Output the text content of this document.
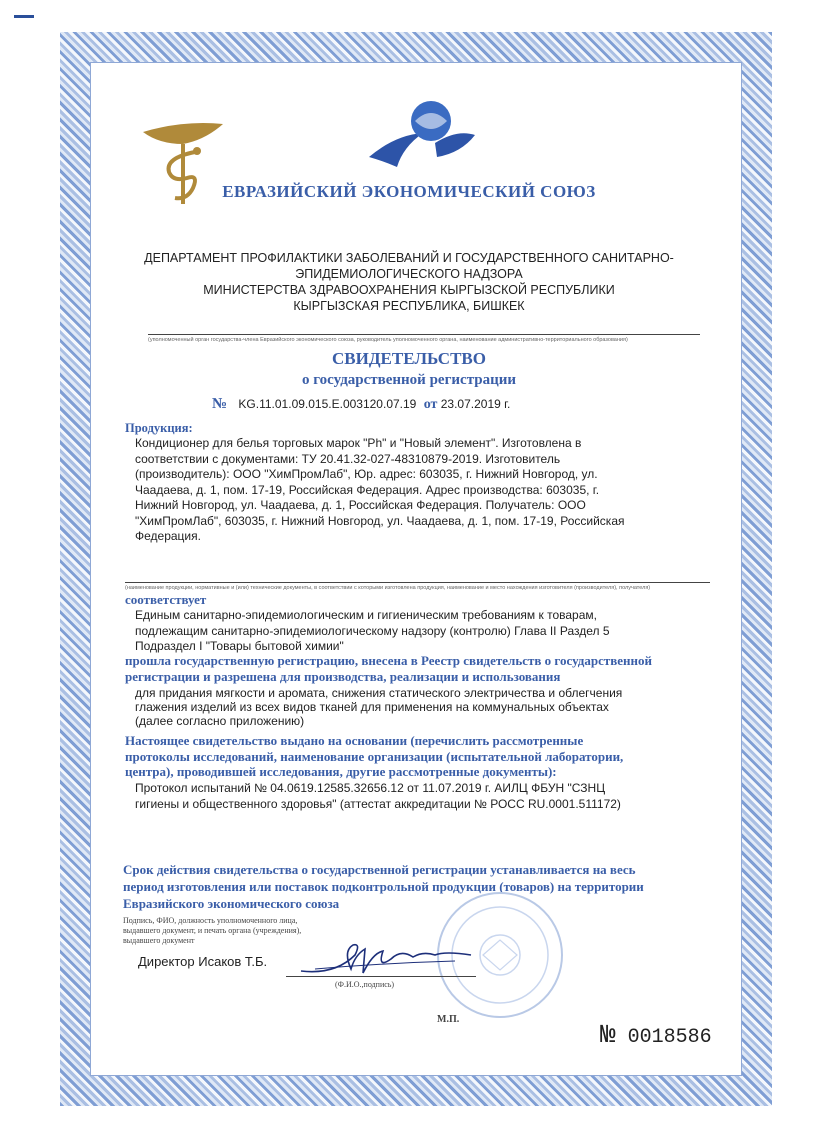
ЕВРАЗИЙСКИЙ ЭКОНОМИЧЕСКИЙ СОЮЗ
ДЕПАРТАМЕНТ ПРОФИЛАКТИКИ ЗАБОЛЕВАНИЙ И ГОСУДАРСТВЕННОГО САНИТАРНО-
ЭПИДЕМИОЛОГИЧЕСКОГО НАДЗОРА
МИНИСТЕРСТВА ЗДРАВООХРАНЕНИЯ КЫРГЫЗСКОЙ РЕСПУБЛИКИ
КЫРГЫЗСКАЯ РЕСПУБЛИКА, БИШКЕК
(уполномоченный орган государства-члена Евразийского экономического союза, руководитель уполномоченного органа, наименование административно-территориального образования)
СВИДЕТЕЛЬСТВО
о государственной регистрации
№ KG.11.01.09.015.E.003120.07.19 от 23.07.2019 г.
Продукция:
Кондиционер для белья торговых марок "Ph" и "Новый элемент". Изготовлена в
соответствии с документами: ТУ 20.41.32-027-48310879-2019. Изготовитель
(производитель): ООО "ХимПромЛаб", Юр. адрес: 603035, г. Нижний Новгород, ул.
Чаадаева, д. 1, пом. 17-19, Российская Федерация. Адрес производства: 603035, г.
Нижний Новгород, ул. Чаадаева, д. 1, Российская Федерация. Получатель: ООО
"ХимПромЛаб", 603035, г. Нижний Новгород, ул. Чаадаева, д. 1, пом. 17-19, Российская
Федерация.
(наименование продукции, нормативные и (или) технические документы, в соответствии с которыми изготовлена продукция, наименование и место нахождения изготовителя (производителя), получателя)
соответствует
Единым санитарно-эпидемиологическим и гигиеническим требованиям к товарам,
подлежащим санитарно-эпидемиологическому надзору (контролю) Глава II Раздел 5
Подраздел I "Товары бытовой химии"
прошла государственную регистрацию, внесена в Реестр свидетельств о государственной
регистрации и разрешена для производства, реализации и использования
для придания мягкости и аромата, снижения статического электричества и облегчения
глажения изделий из всех видов тканей для применения на коммунальных объектах
(далее согласно приложению)
Настоящее свидетельство выдано на основании (перечислить рассмотренные
протоколы исследований, наименование организации (испытательной лаборатории,
центра), проводившей исследования, другие рассмотренные документы):
Протокол испытаний № 04.0619.12585.32656.12 от 11.07.2019 г. АИЛЦ ФБУН "СЗНЦ
гигиены и общественного здоровья" (аттестат аккредитации № РОСС RU.0001.511172)
Срок действия свидетельства о государственной регистрации устанавливается на весь
период изготовления или поставок подконтрольной продукции (товаров) на территории
Евразийского экономического союза
Подпись, ФИО, должность уполномоченного лица,
выдавшего документ, и печать органа (учреждения),
выдавшего документ
Директор Исаков Т.Б.
(Ф.И.О.,подпись)
М.П.
№ 0018586
